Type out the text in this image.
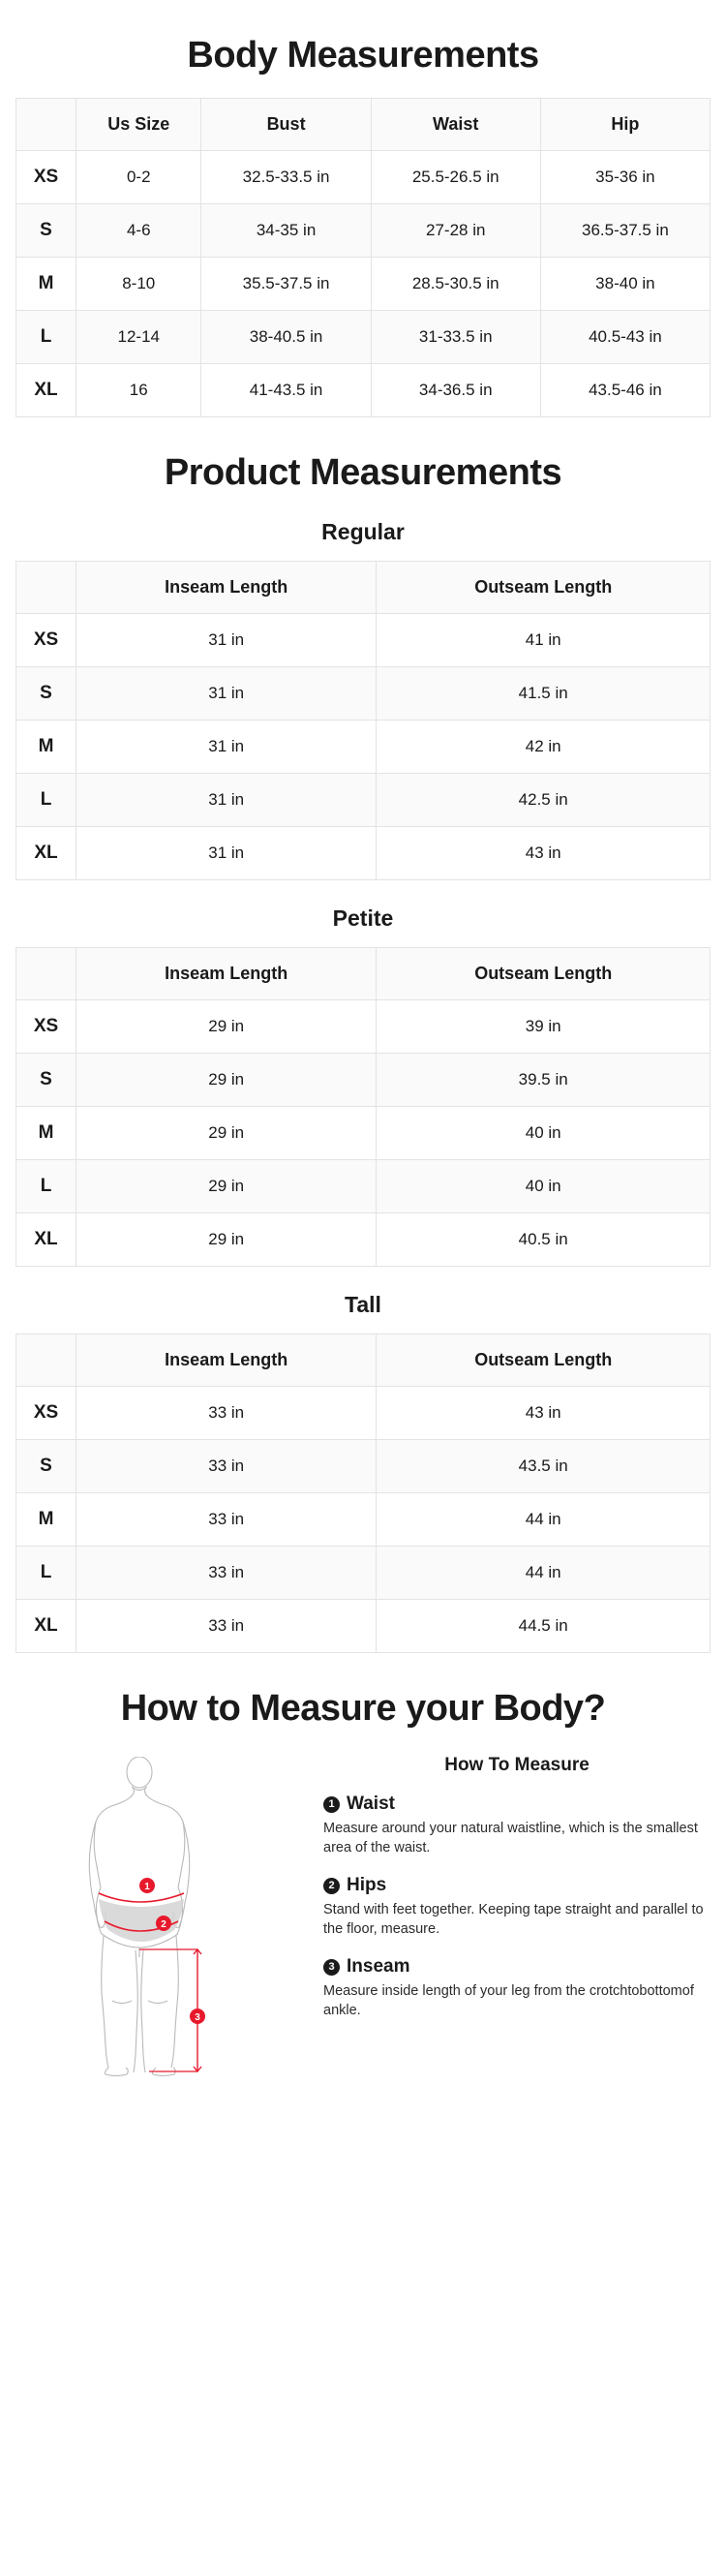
Body Measurements
	Us Size	Bust	Waist	Hip
XS	0-2	32.5-33.5 in	25.5-26.5 in	35-36 in
S	4-6	34-35 in	27-28 in	36.5-37.5 in
M	8-10	35.5-37.5 in	28.5-30.5 in	38-40 in
L	12-14	38-40.5 in	31-33.5 in	40.5-43 in
XL	16	41-43.5 in	34-36.5 in	43.5-46 in
Product Measurements
Regular
	Inseam Length	Outseam Length
XS	31 in	41 in
S	31 in	41.5 in
M	31 in	42 in
L	31 in	42.5 in
XL	31 in	43 in
Petite
	Inseam Length	Outseam Length
XS	29 in	39 in
S	29 in	39.5 in
M	29 in	40 in
L	29 in	40 in
XL	29 in	40.5 in
Tall
	Inseam Length	Outseam Length
XS	33 in	43 in
S	33 in	43.5 in
M	33 in	44 in
L	33 in	44 in
XL	33 in	44.5 in
How to Measure your Body?
1
2
3
How To Measure
1 Waist

Measure around your natural waistline, which is the smallest area of the waist.

2 Hips

Stand with feet together. Keeping tape straight and parallel to the floor, measure.

3 Inseam

Measure inside length of your leg from the crotchtobottomof ankle.
